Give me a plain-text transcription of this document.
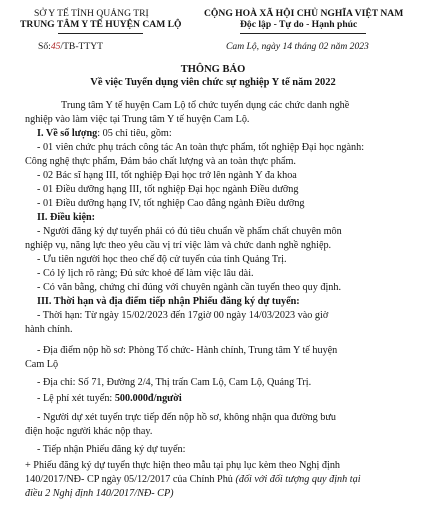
SỞ Y TẾ TỈNH QUẢNG TRỊ
TRUNG TÂM Y TẾ HUYỆN CAM LỘ
Số:45/TB-TTYT
CỘNG HOÀ XÃ HỘI CHỦ NGHĨA VIỆT NAM
Độc lập - Tự do - Hạnh phúc
Cam Lộ, ngày 14 tháng 02 năm 2023
THÔNG BÁO
Về việc Tuyển dụng viên chức sự nghiệp Y tế năm 2022
Trung tâm Y tế huyện Cam Lộ tổ chức tuyển dụng các chức danh nghề
nghiệp vào làm việc tại Trung tâm Y tế huyện Cam Lộ.
I. Về số lượng: 05 chỉ tiêu, gồm:
- 01 viên chức phụ trách công tác An toàn thực phẩm, tốt nghiệp Đại học ngành:
Công nghệ thực phẩm, Đảm bảo chất lượng và an toàn thực phẩm.
- 02 Bác sĩ hạng III, tốt nghiệp Đại học trở lên ngành Y đa khoa
- 01 Điều dưỡng hạng III, tốt nghiệp Đại học ngành Điều dưỡng
- 01 Điều dưỡng hạng IV, tốt nghiệp Cao đẳng ngành Điều dưỡng
II. Điều kiện:
- Người đăng ký dự tuyển phải có đủ tiêu chuẩn về phẩm chất chuyên môn
nghiệp vụ, năng lực theo yêu cầu vị trí việc làm và chức danh nghề nghiệp.
- Ưu tiên người học theo chế độ cử tuyển của tỉnh Quảng Trị.
- Có lý lịch rõ ràng; Đủ sức khoẻ để làm việc lâu dài.
- Có văn bằng, chứng chỉ đúng với chuyên ngành cần tuyển theo quy định.
III. Thời hạn và địa điểm tiếp nhận Phiếu đăng ký dự tuyển:
- Thời hạn: Từ ngày 15/02/2023 đến 17giờ 00 ngày 14/03/2023 vào giờ
hành chính.
- Địa điểm nộp hồ sơ: Phòng Tổ chức- Hành chính, Trung tâm Y tế huyện
Cam Lộ
- Địa chỉ: Số 71, Đường 2/4, Thị trấn Cam Lộ, Cam Lộ, Quảng Trị.
- Lệ phí xét tuyển: 500.000đ/người
- Người dự xét tuyển trực tiếp đến nộp hồ sơ, không nhận qua đường bưu
điện hoặc người khác nộp thay.
- Tiếp nhận Phiếu đăng ký dự tuyển:
+ Phiếu đăng ký dự tuyển thực hiện theo mẫu tại phụ lục kèm theo Nghị định
140/2017/NĐ- CP ngày 05/12/2017 của Chính Phủ (đối với đối tượng quy định tại
điều 2 Nghị định 140/2017/NĐ- CP)
